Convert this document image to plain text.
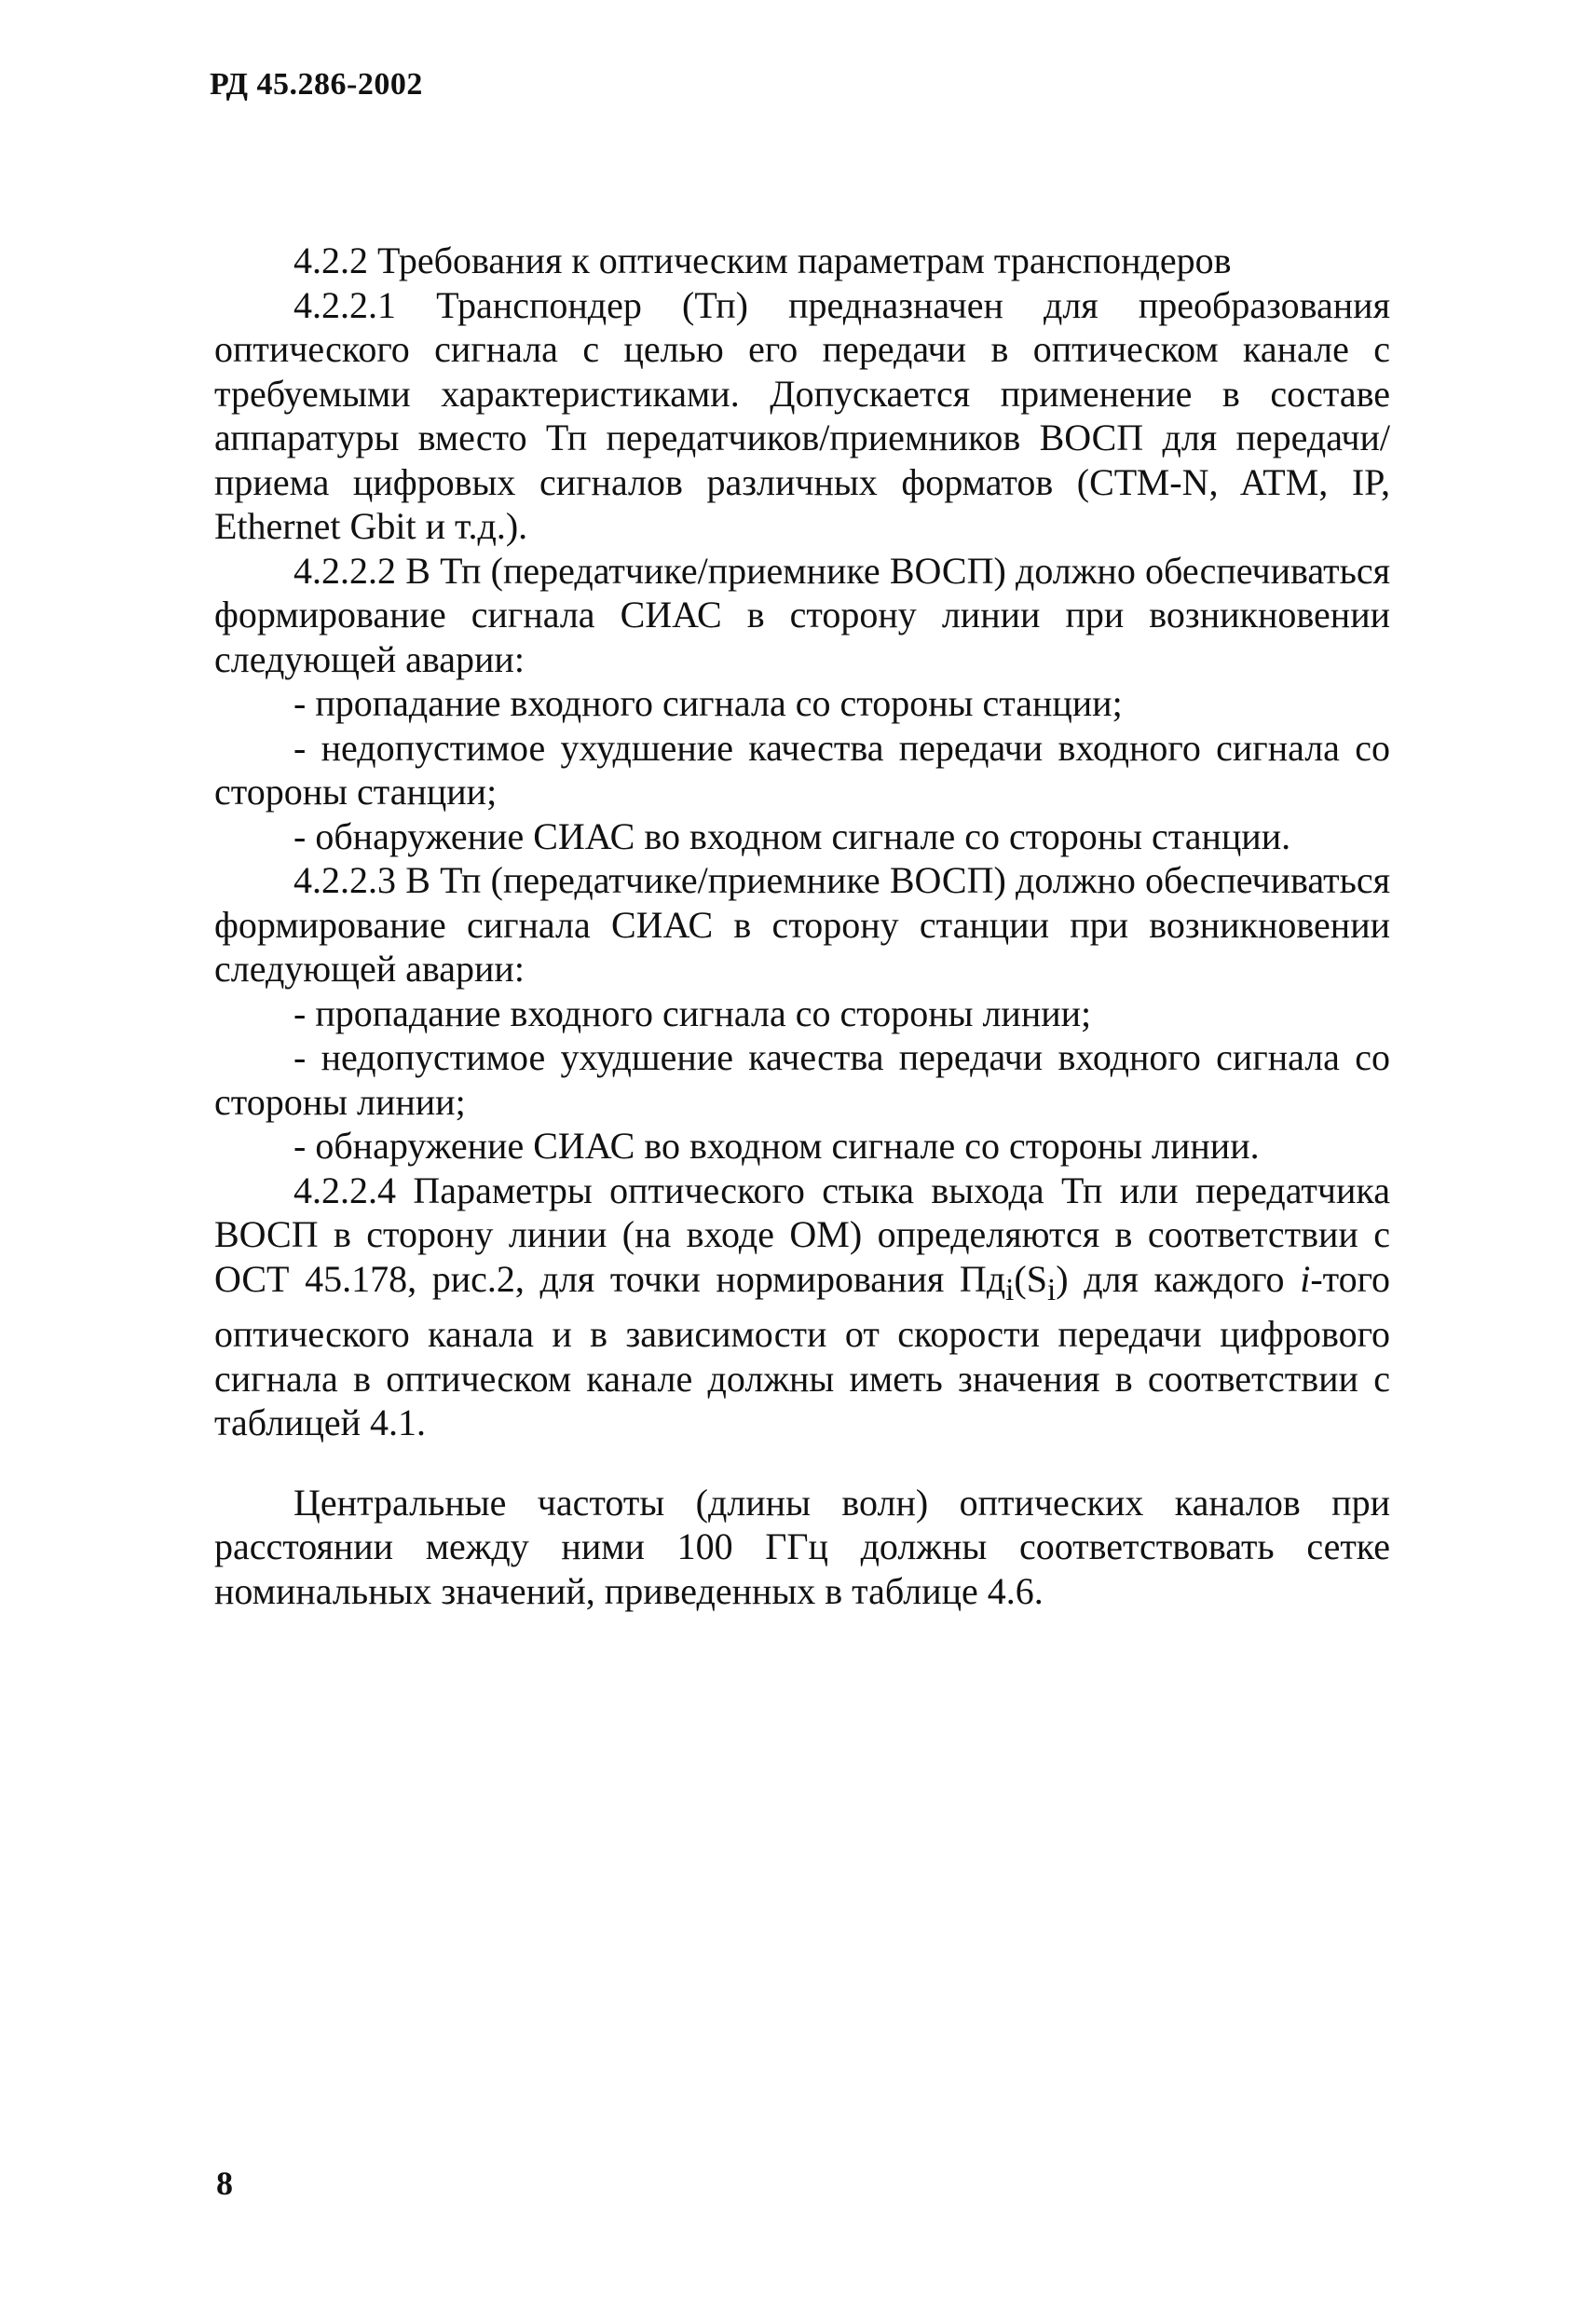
РД 45.286-2002

4.2.2 Требования к оптическим параметрам транспондеров

4.2.2.1 Транспондер (Тп) предназначен для преобразования оптического сигнала с целью его передачи в оптическом канале с требуемыми характеристиками. Допускается применение в составе аппаратуры вместо Тп передатчиков/приемников ВОСП для передачи/приема цифровых сигналов различных форматов (СТМ-N, ATM, IP, Ethernet Gbit и т.д.).

4.2.2.2 В Тп (передатчике/приемнике ВОСП) должно обеспечиваться формирование сигнала СИАС в сторону линии при возникновении следующей аварии:

- пропадание входного сигнала со стороны станции;

- недопустимое ухудшение качества передачи входного сигнала со стороны станции;

- обнаружение СИАС во входном сигнале со стороны станции.

4.2.2.3 В Тп (передатчике/приемнике ВОСП) должно обеспечиваться формирование сигнала СИАС в сторону станции при возникновении следующей аварии:

- пропадание входного сигнала со стороны линии;

- недопустимое ухудшение качества передачи входного сигнала со стороны линии;

- обнаружение СИАС во входном сигнале со стороны линии.

4.2.2.4 Параметры оптического стыка выхода Тп или передатчика ВОСП в сторону линии (на входе ОМ) определяются в соответствии с ОСТ 45.178, рис.2, для точки нормирования $Пд_i(S_i)$ для каждого i-того оптического канала и в зависимости от скорости передачи цифрового сигнала в оптическом канале должны иметь значения в соответствии с таблицей 4.1.

Центральные частоты (длины волн) оптических каналов при расстоянии между ними 100 ГГц должны соответствовать сетке номинальных значений, приведенных в таблице 4.6.

8
